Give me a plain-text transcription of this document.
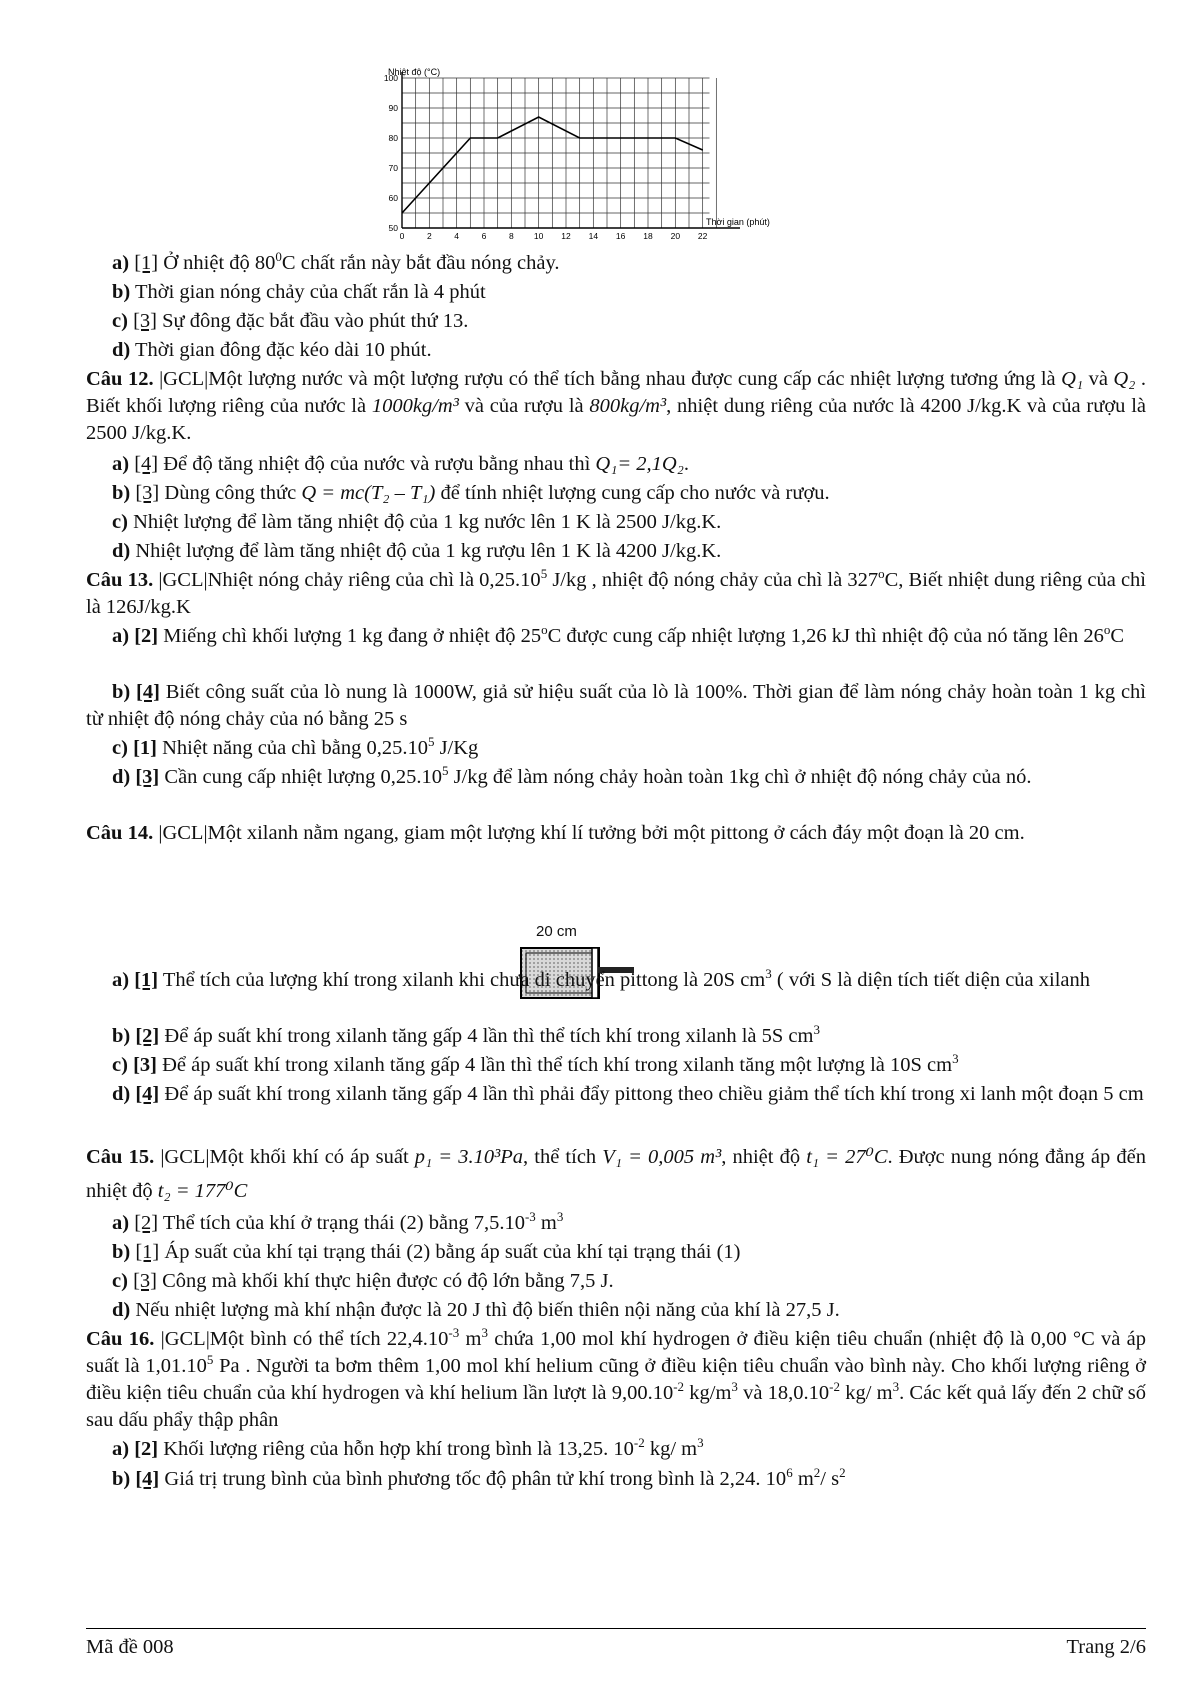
0	2	4	6	8 10 12 14 16 18 20 22
50
60
70
80
90
100
Nhiệt độ (°C)
Thời gian (phút)
a) [1] Ở nhiệt độ $80^0C$ chất rắn này bắt đầu nóng chảy.
b) Thời gian nóng chảy của chất rắn là 4 phút
c) [3] Sự đông đặc bắt đầu vào phút thứ 13.
d) Thời gian đông đặc kéo dài 10 phút.
Câu 12. |GCL|Một lượng nước và một lượng rượu có thể tích bằng nhau được cung cấp các nhiệt lượng tương ứng là Q₁ và Q₂ . Biết khối lượng riêng của nước là 1000kg/m³ và của rượu là 800kg/m³, nhiệt dung riêng của nước là 4200 J/kg.K và của rượu là 2500 J/kg.K.
a) [4] Để độ tăng nhiệt độ của nước và rượu bằng nhau thì Q₁= 2,1Q₂.
b) [3] Dùng công thức Q = mc(T₂ – T₁) để tính nhiệt lượng cung cấp cho nước và rượu.
c) Nhiệt lượng để làm tăng nhiệt độ của 1 kg nước lên 1 K là 2500 J/kg.K.
d) Nhiệt lượng để làm tăng nhiệt độ của 1 kg rượu lên 1 K là 4200 J/kg.K.
Câu 13. |GCL|Nhiệt nóng chảy riêng của chì là 0,25.10$^5$ J/kg , nhiệt độ nóng chảy của chì là 327$^o$C, Biết nhiệt dung riêng của chì là 126J/kg.K
a) [2] Miếng chì khối lượng 1 kg đang ở nhiệt độ 25$^o$C được cung cấp nhiệt lượng 1,26 kJ thì nhiệt độ của nó tăng lên 26$^o$C
b) [4] Biết công suất của lò nung là 1000W, giả sử hiệu suất của lò là 100%. Thời gian để làm nóng chảy hoàn toàn 1 kg chì từ nhiệt độ nóng chảy của nó bằng 25 s
c) [1] Nhiệt năng của chì bằng 0,25.10$^5$ J/Kg
d) [3] Cần cung cấp nhiệt lượng 0,25.10$^5$ J/kg để làm nóng chảy hoàn toàn 1kg chì ở nhiệt độ nóng chảy của nó.
Câu 14. |GCL|Một xilanh nằm ngang, giam một lượng khí lí tưởng bởi một pittong ở cách đáy một đoạn là 20 cm.
20 cm
a) [1] Thể tích của lượng khí trong xilanh khi chưa di chuyển pittong là 20S $cm^3$ ( với S là diện tích tiết diện của xilanh
b) [2] Để áp suất khí trong xilanh tăng gấp 4 lần thì thể tích khí trong xilanh là 5S $cm^3$
c) [3] Để áp suất khí trong xilanh tăng gấp 4 lần thì thể tích khí trong xilanh tăng một lượng là 10S $cm^3$
d) [4] Để áp suất khí trong xilanh tăng gấp 4 lần thì phải đẩy pittong theo chiều giảm thể tích khí trong xi lanh một đoạn 5 cm
Câu 15. |GCL|Một khối khí có áp suất p₁ = 3.10³Pa, thể tích V₁ = 0,005 m³, nhiệt độ t₁ = 27⁰C. Được nung nóng đẳng áp đến nhiệt độ t₂ = 177⁰C
a) [2] Thể tích của khí ở trạng thái (2) bằng $7,5.10^{-3}$ $m^3$
b) [1] Áp suất của khí tại trạng thái (2) bằng áp suất của khí tại trạng thái (1)
c) [3] Công mà khối khí thực hiện được có độ lớn bằng 7,5 J.
d) Nếu nhiệt lượng mà khí nhận được là 20 J thì độ biến thiên nội năng của khí là 27,5 J.
Câu 16. |GCL|Một bình có thể tích $22,4.10^{-3}$ $m^3$ chứa 1,00 mol khí hydrogen ở điều kiện tiêu chuẩn (nhiệt độ là 0,00 °C và áp suất là 1,01.10$^5$ Pa . Người ta bơm thêm 1,00 mol khí helium cũng ở điều kiện tiêu chuẩn vào bình này. Cho khối lượng riêng ở điều kiện tiêu chuẩn của khí hydrogen và khí helium lần lượt là $9,00.10^{-2}$ $kg/m^3$ và $18,0.10^{-2}$ kg/ $m^3$. Các kết quả lấy đến 2 chữ số sau dấu phẩy thập phân
a) [2] Khối lượng riêng của hỗn hợp khí trong bình là 13,25. $10^{-2}$ kg/ $m^3$
b) [4] Giá trị trung bình của bình phương tốc độ phân tử khí trong bình là 2,24. $10^6$ $m^2/$ $s^2$
Mã đề 008	Trang 2/6
